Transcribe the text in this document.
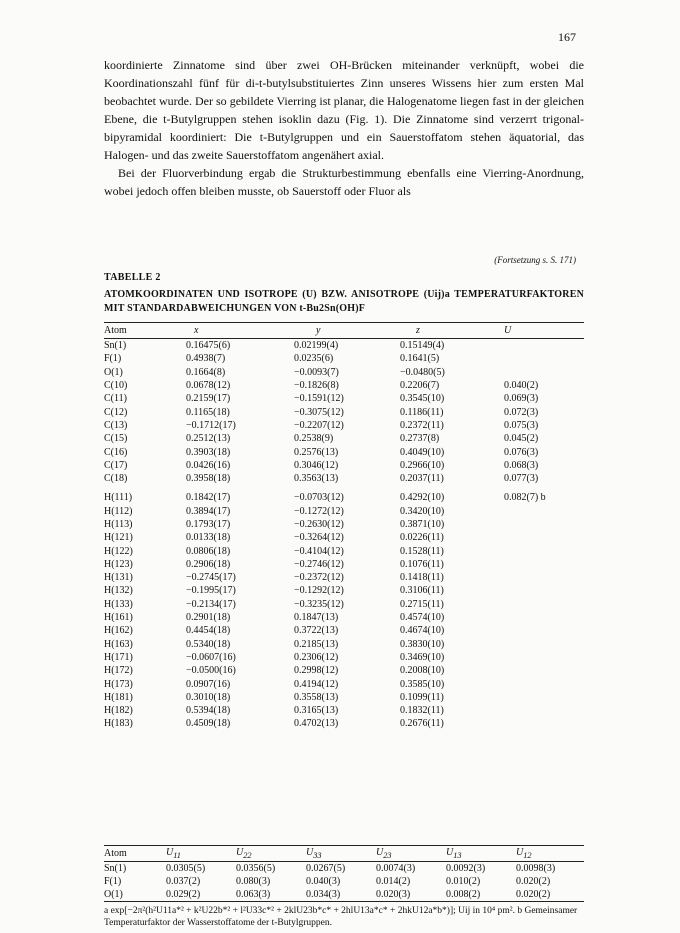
167

koordinierte Zinnatome sind über zwei OH-Brücken miteinander verknüpft, wobei die Koordinationszahl fünf für di-t-butylsubstituiertes Zinn unseres Wissens hier zum ersten Mal beobachtet wurde. Der so gebildete Vierring ist planar, die Halogenatome liegen fast in der gleichen Ebene, die t-Butylgruppen stehen isoklin dazu (Fig. 1). Die Zinnatome sind verzerrt trigonal-bipyramidal koordiniert: Die t-Butylgruppen und ein Sauerstoffatom stehen äquatorial, das Halogen- und das zweite Sauerstoffatom angenähert axial.

Bei der Fluorverbindung ergab die Strukturbestimmung ebenfalls eine Vierring-Anordnung, wobei jedoch offen bleiben musste, ob Sauerstoff oder Fluor als

(Fortsetzung s. S. 171)
TABELLE 2
ATOMKOORDINATEN UND ISOTROPE (U) BZW. ANISOTROPE (Uij)a TEMPERATURFAKTOREN MIT STANDARDABWEICHUNGEN VON t-Bu2Sn(OH)F
Atom	x	y	z	U
Sn(1)	0.16475(6)	0.02199(4)	0.15149(4)	
F(1)	0.4938(7)	0.0235(6)	0.1641(5)	
O(1)	0.1664(8)	−0.0093(7)	−0.0480(5)	
C(10)	0.0678(12)	−0.1826(8)	0.2206(7)	0.040(2)
C(11)	0.2159(17)	−0.1591(12)	0.3545(10)	0.069(3)
C(12)	0.1165(18)	−0.3075(12)	0.1186(11)	0.072(3)
C(13)	−0.1712(17)	−0.2207(12)	0.2372(11)	0.075(3)
C(15)	0.2512(13)	0.2538(9)	0.2737(8)	0.045(2)
C(16)	0.3903(18)	0.2576(13)	0.4049(10)	0.076(3)
C(17)	0.0426(16)	0.3046(12)	0.2966(10)	0.068(3)
C(18)	0.3958(18)	0.3563(13)	0.2037(11)	0.077(3)

H(111)	0.1842(17)	−0.0703(12)	0.4292(10)	0.082(7) b
H(112)	0.3894(17)	−0.1272(12)	0.3420(10)	
H(113)	0.1793(17)	−0.2630(12)	0.3871(10)	
H(121)	0.0133(18)	−0.3264(12)	0.0226(11)	
H(122)	0.0806(18)	−0.4104(12)	0.1528(11)	
H(123)	0.2906(18)	−0.2746(12)	0.1076(11)	
H(131)	−0.2745(17)	−0.2372(12)	0.1418(11)	
H(132)	−0.1995(17)	−0.1292(12)	0.3106(11)	
H(133)	−0.2134(17)	−0.3235(12)	0.2715(11)	
H(161)	0.2901(18)	0.1847(13)	0.4574(10)	
H(162)	0.4454(18)	0.3722(13)	0.4674(10)	
H(163)	0.5340(18)	0.2185(13)	0.3830(10)	
H(171)	−0.0607(16)	0.2306(12)	0.3469(10)	
H(172)	−0.0500(16)	0.2998(12)	0.2008(10)	
H(173)	0.0907(16)	0.4194(12)	0.3585(10)	
H(181)	0.3010(18)	0.3558(13)	0.1099(11)	
H(182)	0.5394(18)	0.3165(13)	0.1832(11)	
H(183)	0.4509(18)	0.4702(13)	0.2676(11)	
Atom	$U_{11}$	$U_{22}$	$U_{33}$	$U_{23}$	$U_{13}$	$U_{12}$
Sn(1)	0.0305(5)	0.0356(5)	0.0267(5)	0.0074(3)	0.0092(3)	0.0098(3)
F(1)	0.037(2)	0.080(3)	0.040(3)	0.014(2)	0.010(2)	0.020(2)
O(1)	0.029(2)	0.063(3)	0.034(3)	0.020(3)	0.008(2)	0.020(2)
a exp[−2π²(h²U11a*² + k²U22b*² + l²U33c*² + 2klU23b*c* + 2hlU13a*c* + 2hkU12a*b*)]; Uij in 10⁴ pm². b Gemeinsamer Temperaturfaktor der Wasserstoffatome der t-Butylgruppen.
